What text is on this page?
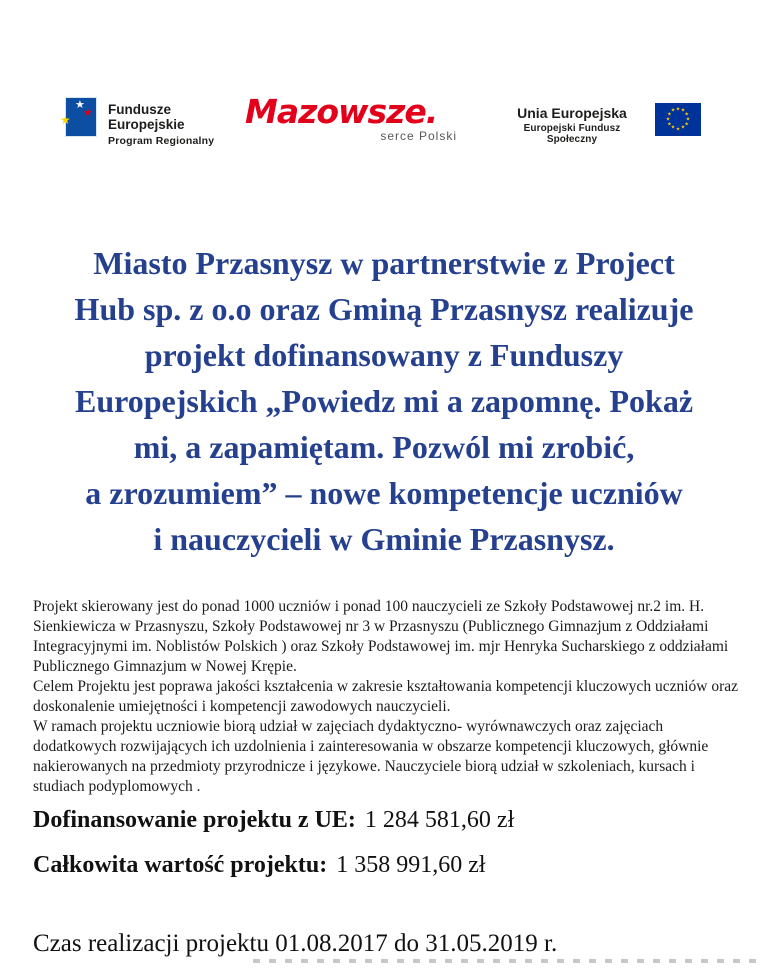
★
★ ★ Fundusze
Europejskie
Program Regionalny
Mazowsze.
serce Polski
Unia Europejska
Europejski Fundusz Społeczny
★ ★
★
★
★
★
★
★
★
★
★
★
Miasto Przasnysz w partnerstwie z Project
Hub sp. z o.o oraz Gminą Przasnysz realizuje
projekt dofinansowany z Funduszy
Europejskich „Powiedz mi a zapomnę. Pokaż
mi, a zapamiętam. Pozwól mi zrobić,
a zrozumiem” – nowe kompetencje uczniów
i nauczycieli w Gminie Przasnysz.

Projekt skierowany jest do ponad 1000 uczniów i ponad 100 nauczycieli ze Szkoły Podstawowej nr.2 im. H. Sienkiewicza w Przasnyszu, Szkoły Podstawowej nr 3 w Przasnyszu (Publicznego Gimnazjum z Oddziałami Integracyjnymi im. Noblistów Polskich ) oraz Szkoły Podstawowej im. mjr Henryka Sucharskiego z oddziałami Publicznego Gimnazjum w Nowej Krępie.

Celem Projektu jest poprawa jakości kształcenia w zakresie kształtowania kompetencji kluczowych uczniów oraz doskonalenie umiejętności i kompetencji zawodowych nauczycieli.

W ramach projektu uczniowie biorą udział w zajęciach dydaktyczno- wyrównawczych oraz zajęciach dodatkowych rozwijających ich uzdolnienia i zainteresowania w obszarze kompetencji kluczowych, głównie nakierowanych na przedmioty przyrodnicze i językowe. Nauczyciele biorą udział w szkoleniach, kursach i studiach podyplomowych .

Dofinansowanie projektu z UE: 1 284 581,60 zł
Całkowita wartość projektu: 1 358 991,60 zł
Czas realizacji projektu 01.08.2017 do 31.05.2019 r.
